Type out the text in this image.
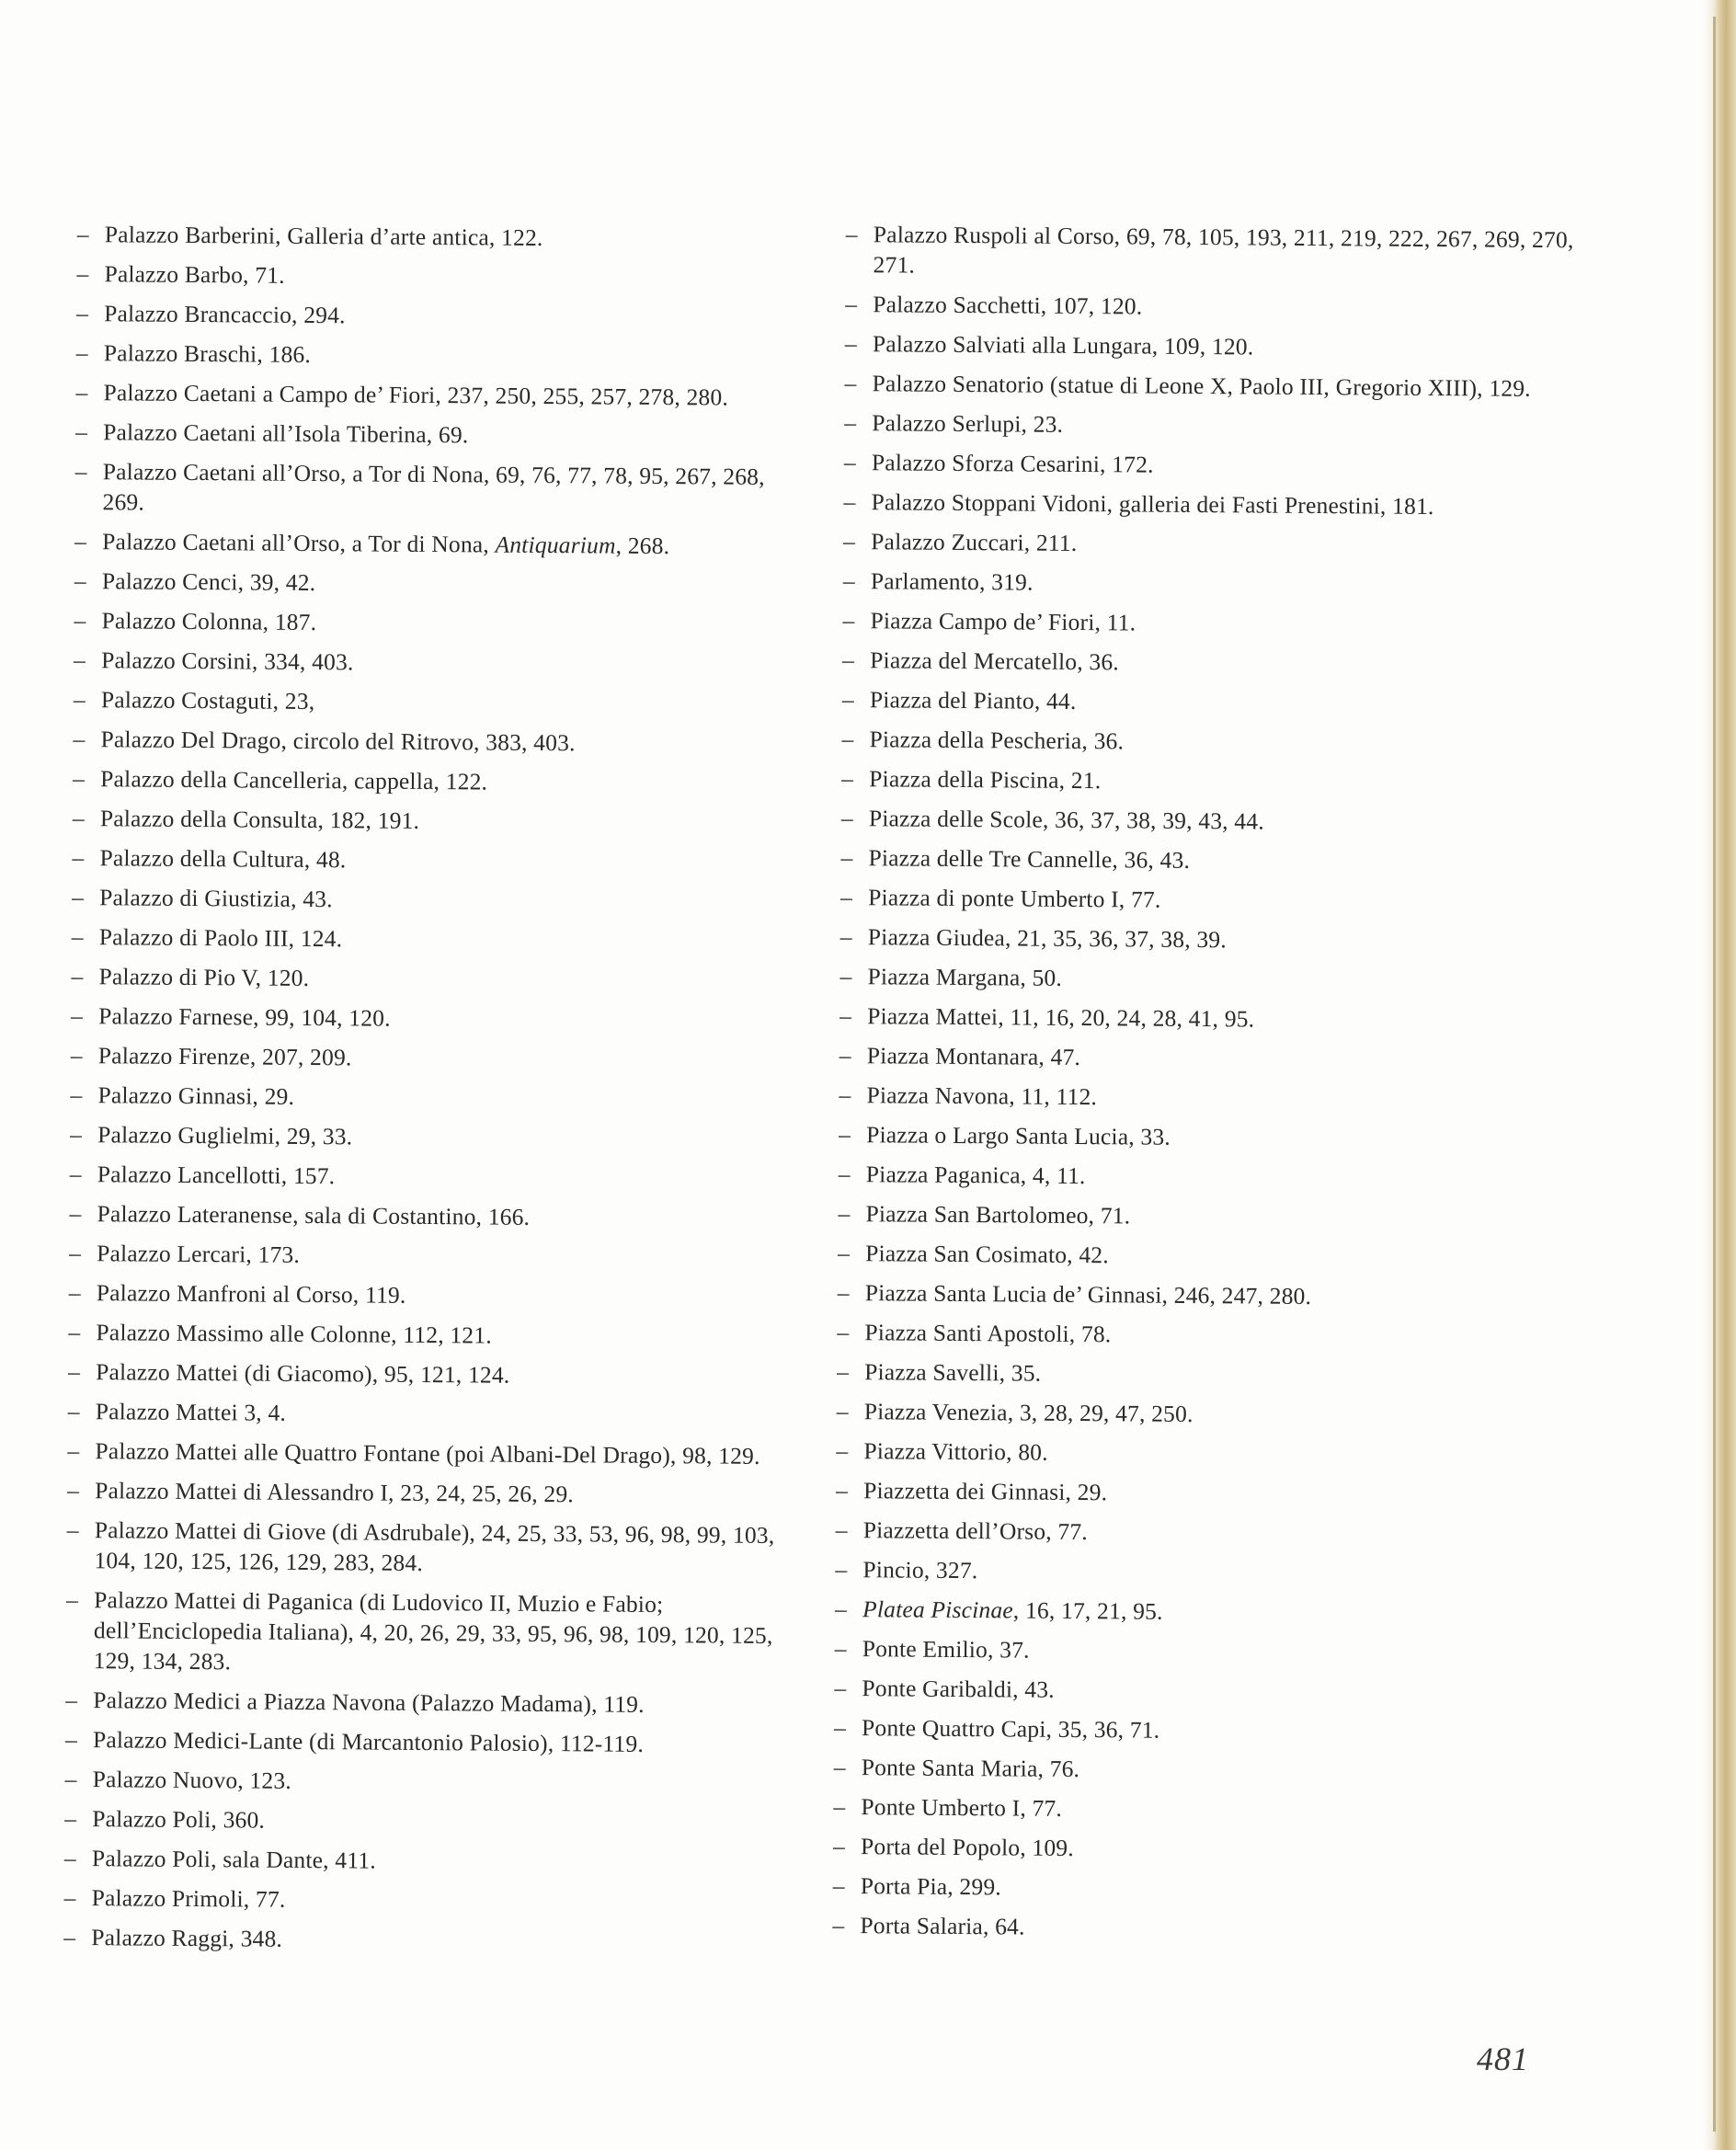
– Palazzo Barberini, Galleria d’arte antica, 122.
– Palazzo Barbo, 71.
– Palazzo Brancaccio, 294.
– Palazzo Braschi, 186.
– Palazzo Caetani a Campo de’ Fiori, 237, 250, 255, 257, 278, 280.
– Palazzo Caetani all’Isola Tiberina, 69.
– Palazzo Caetani all’Orso, a Tor di Nona, 69, 76, 77, 78, 95, 267, 268, 269.
– Palazzo Caetani all’Orso, a Tor di Nona, Antiquarium, 268.
– Palazzo Cenci, 39, 42.
– Palazzo Colonna, 187.
– Palazzo Corsini, 334, 403.
– Palazzo Costaguti, 23,
– Palazzo Del Drago, circolo del Ritrovo, 383, 403.
– Palazzo della Cancelleria, cappella, 122.
– Palazzo della Consulta, 182, 191.
– Palazzo della Cultura, 48.
– Palazzo di Giustizia, 43.
– Palazzo di Paolo III, 124.
– Palazzo di Pio V, 120.
– Palazzo Farnese, 99, 104, 120.
– Palazzo Firenze, 207, 209.
– Palazzo Ginnasi, 29.
– Palazzo Guglielmi, 29, 33.
– Palazzo Lancellotti, 157.
– Palazzo Lateranense, sala di Costantino, 166.
– Palazzo Lercari, 173.
– Palazzo Manfroni al Corso, 119.
– Palazzo Massimo alle Colonne, 112, 121.
– Palazzo Mattei (di Giacomo), 95, 121, 124.
– Palazzo Mattei 3, 4.
– Palazzo Mattei alle Quattro Fontane (poi Albani-Del Drago), 98, 129.
– Palazzo Mattei di Alessandro I, 23, 24, 25, 26, 29.
– Palazzo Mattei di Giove (di Asdrubale), 24, 25, 33, 53, 96, 98, 99, 103, 104, 120, 125, 126, 129, 283, 284.
– Palazzo Mattei di Paganica (di Ludovico II, Muzio e Fabio; dell’Enciclopedia Italiana), 4, 20, 26, 29, 33, 95, 96, 98, 109, 120, 125, 129, 134, 283.
– Palazzo Medici a Piazza Navona (Palazzo Madama), 119.
– Palazzo Medici-Lante (di Marcantonio Palosio), 112-119.
– Palazzo Nuovo, 123.
– Palazzo Poli, 360.
– Palazzo Poli, sala Dante, 411.
– Palazzo Primoli, 77.
– Palazzo Raggi, 348.
– Palazzo Ruspoli al Corso, 69, 78, 105, 193, 211, 219, 222, 267, 269, 270, 271.
– Palazzo Sacchetti, 107, 120.
– Palazzo Salviati alla Lungara, 109, 120.
– Palazzo Senatorio (statue di Leone X, Paolo III, Gregorio XIII), 129.
– Palazzo Serlupi, 23.
– Palazzo Sforza Cesarini, 172.
– Palazzo Stoppani Vidoni, galleria dei Fasti Prenestini, 181.
– Palazzo Zuccari, 211.
– Parlamento, 319.
– Piazza Campo de’ Fiori, 11.
– Piazza del Mercatello, 36.
– Piazza del Pianto, 44.
– Piazza della Pescheria, 36.
– Piazza della Piscina, 21.
– Piazza delle Scole, 36, 37, 38, 39, 43, 44.
– Piazza delle Tre Cannelle, 36, 43.
– Piazza di ponte Umberto I, 77.
– Piazza Giudea, 21, 35, 36, 37, 38, 39.
– Piazza Margana, 50.
– Piazza Mattei, 11, 16, 20, 24, 28, 41, 95.
– Piazza Montanara, 47.
– Piazza Navona, 11, 112.
– Piazza o Largo Santa Lucia, 33.
– Piazza Paganica, 4, 11.
– Piazza San Bartolomeo, 71.
– Piazza San Cosimato, 42.
– Piazza Santa Lucia de’ Ginnasi, 246, 247, 280.
– Piazza Santi Apostoli, 78.
– Piazza Savelli, 35.
– Piazza Venezia, 3, 28, 29, 47, 250.
– Piazza Vittorio, 80.
– Piazzetta dei Ginnasi, 29.
– Piazzetta dell’Orso, 77.
– Pincio, 327.
– Platea Piscinae, 16, 17, 21, 95.
– Ponte Emilio, 37.
– Ponte Garibaldi, 43.
– Ponte Quattro Capi, 35, 36, 71.
– Ponte Santa Maria, 76.
– Ponte Umberto I, 77.
– Porta del Popolo, 109.
– Porta Pia, 299.
– Porta Salaria, 64.
481
